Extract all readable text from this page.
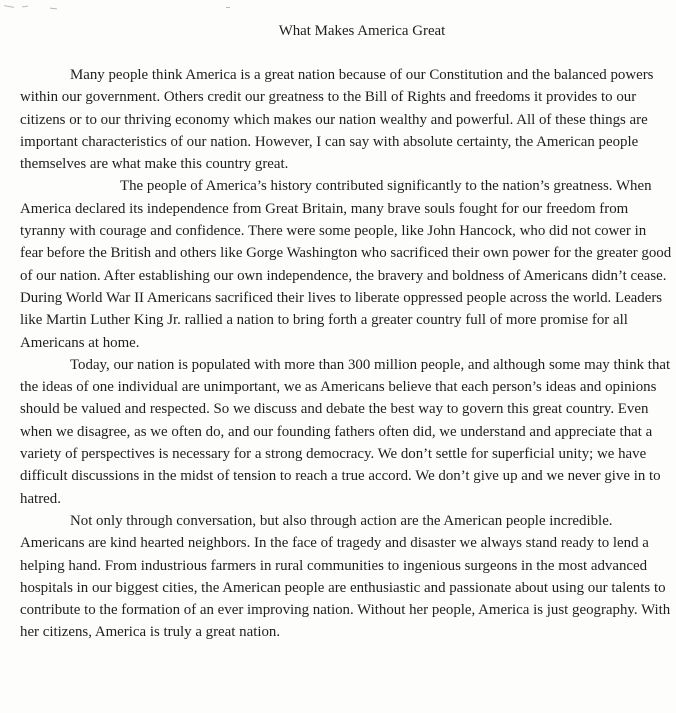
What Makes America Great

Many people think America is a great nation because of our Constitution and the balanced powers within our government. Others credit our greatness to the Bill of Rights and freedoms it provides to our citizens or to our thriving economy which makes our nation wealthy and powerful. All of these things are important characteristics of our nation. However, I can say with absolute certainty, the American people themselves are what make this country great.

The people of America’s history contributed significantly to the nation’s greatness. When America declared its independence from Great Britain, many brave souls fought for our freedom from tyranny with courage and confidence. There were some people, like John Hancock, who did not cower in fear before the British and others like Gorge Washington who sacrificed their own power for the greater good of our nation. After establishing our own independence, the bravery and boldness of Americans didn’t cease. During World War II Americans sacrificed their lives to liberate oppressed people across the world. Leaders like Martin Luther King Jr. rallied a nation to bring forth a greater country full of more promise for all Americans at home.

Today, our nation is populated with more than 300 million people, and although some may think that the ideas of one individual are unimportant, we as Americans believe that each person’s ideas and opinions should be valued and respected. So we discuss and debate the best way to govern this great country. Even when we disagree, as we often do, and our founding fathers often did, we understand and appreciate that a variety of perspectives is necessary for a strong democracy. We don’t settle for superficial unity; we have difficult discussions in the midst of tension to reach a true accord. We don’t give up and we never give in to hatred.

Not only through conversation, but also through action are the American people incredible. Americans are kind hearted neighbors. In the face of tragedy and disaster we always stand ready to lend a helping hand. From industrious farmers in rural communities to ingenious surgeons in the most advanced hospitals in our biggest cities, the American people are enthusiastic and passionate about using our talents to contribute to the formation of an ever improving nation. Without her people, America is just geography. With her citizens, America is truly a great nation.
